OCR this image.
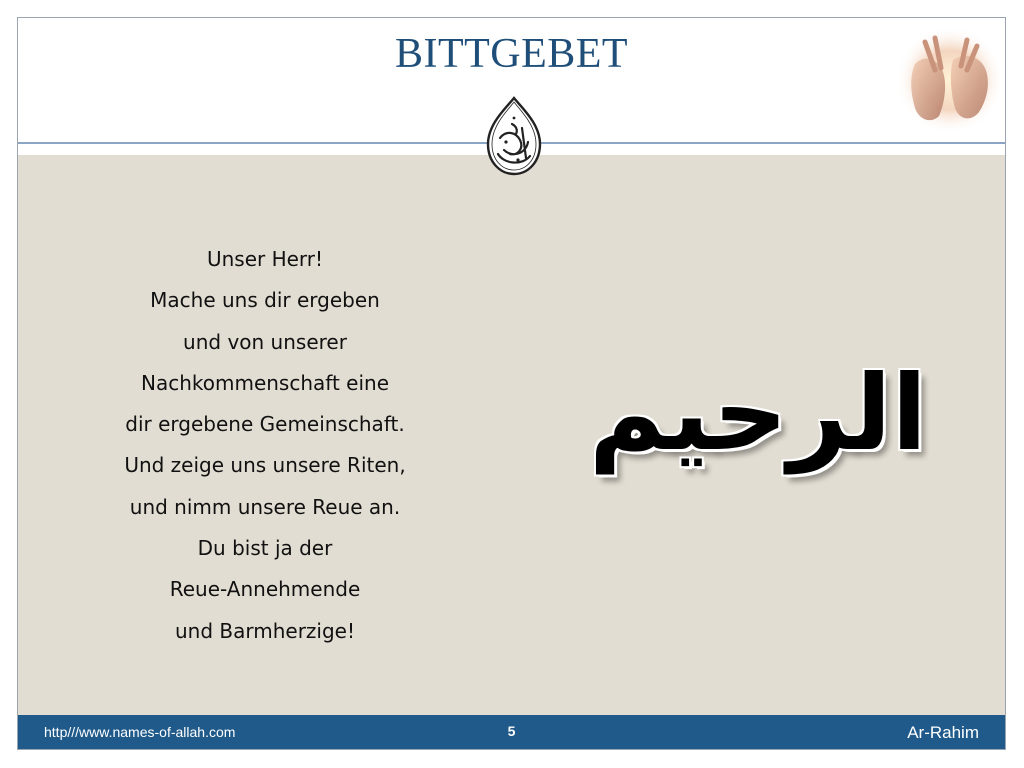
BITTGEBET
Unser Herr!
Mache uns dir ergeben
und von unserer
Nachkommenschaft eine
dir ergebene Gemeinschaft.
Und zeige uns unsere Riten,
und nimm unsere Reue an.
Du bist ja der
Reue-Annehmende
und Barmherzige!
الرحيم
http///www.names-of-allah.com	5	Ar-Rahim
